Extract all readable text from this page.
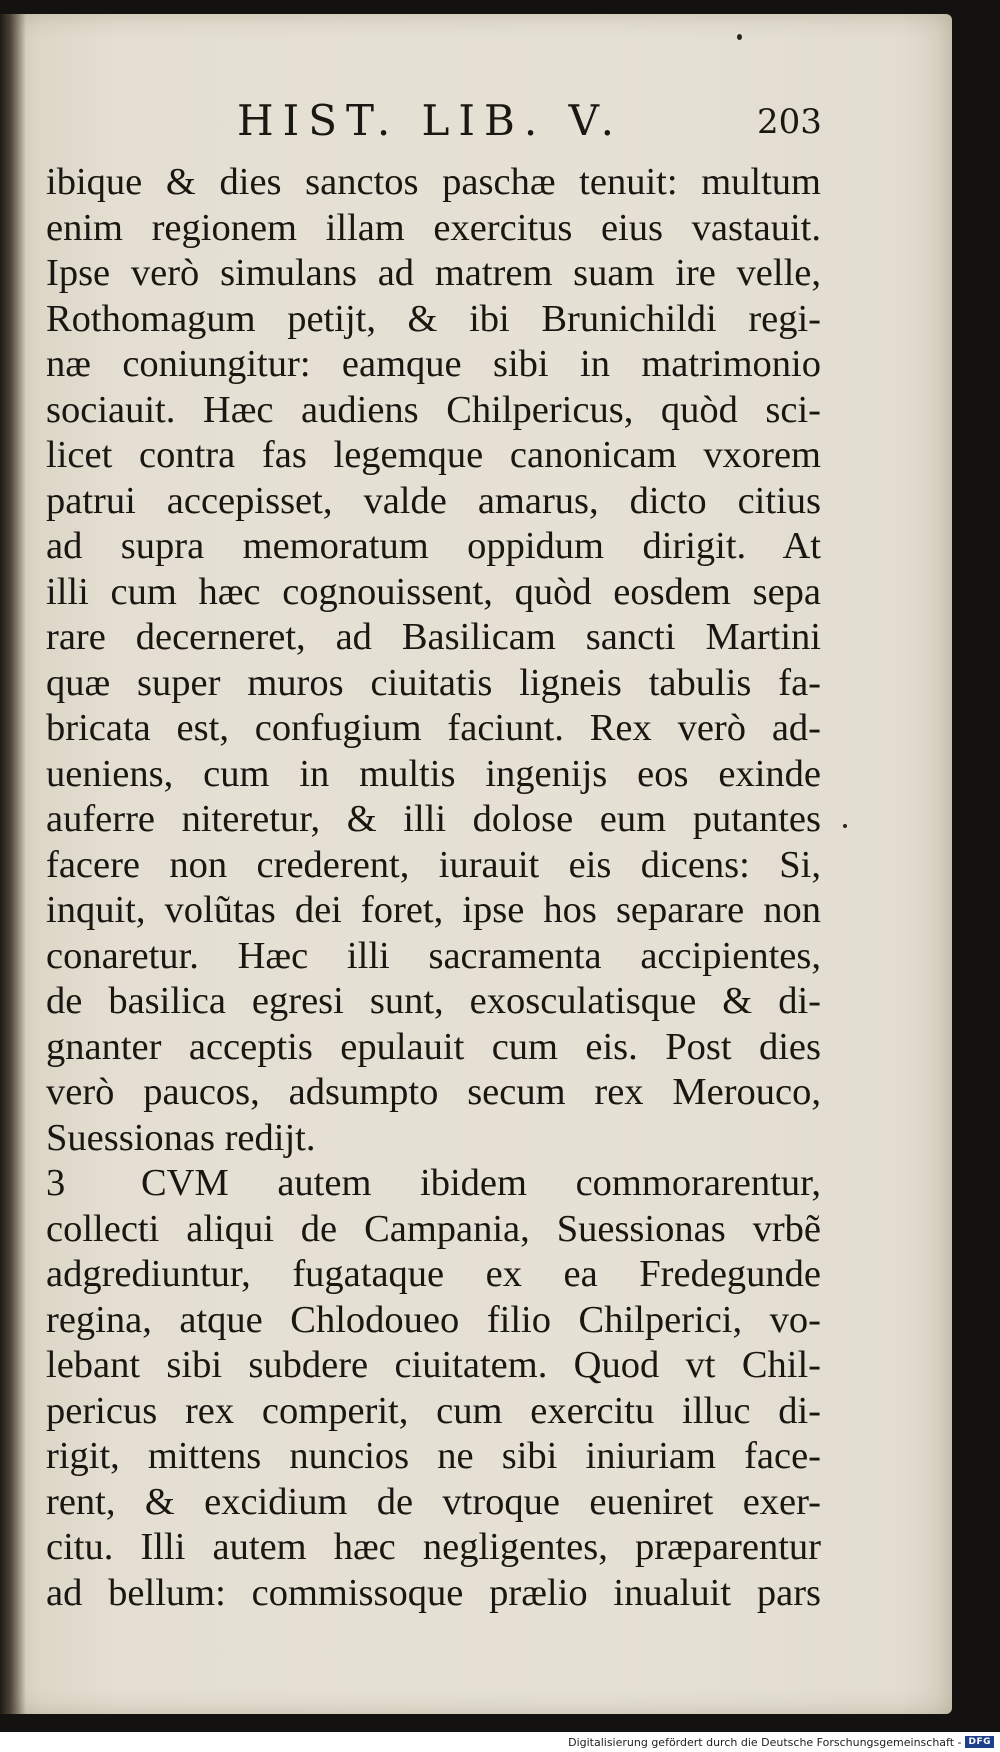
HIST. LIB. V.	203
ibique & dies sanctos paschæ tenuit: multum
enim regionem illam exercitus eius vastauit.
Ipse verò simulans ad matrem suam ire velle,
Rothomagum petijt, & ibi Brunichildi regi-
næ coniungitur: eamque sibi in matrimonio
sociauit. Hæc audiens Chilpericus, quòd sci-
licet contra fas legemque canonicam vxorem
patrui accepisset, valde amarus, dicto citius
ad supra memoratum oppidum dirigit. At
illi cum hæc cognouissent, quòd eosdem sepa
rare decerneret, ad Basilicam sancti Martini
quæ super muros ciuitatis ligneis tabulis fa-
bricata est, confugium faciunt. Rex verò ad-
ueniens, cum in multis ingenijs eos exinde
auferre niteretur, & illi dolose eum putantes
facere non crederent, iurauit eis dicens: Si,
inquit, volũtas dei foret, ipse hos separare non
conaretur. Hæc illi sacramenta accipientes,
de basilica egresi sunt, exosculatisque & di-
gnanter acceptis epulauit cum eis. Post dies
verò paucos, adsumpto secum rex Merouco,
Suessionas redijt.
3 CVM autem ibidem commorarentur,
collecti aliqui de Campania, Suessionas vrbẽ
adgrediuntur, fugataque ex ea Fredegunde
regina, atque Chlodoueo filio Chilperici, vo-
lebant sibi subdere ciuitatem. Quod vt Chil-
pericus rex comperit, cum exercitu illuc di-
rigit, mittens nuncios ne sibi iniuriam face-
rent, & excidium de vtroque eueniret exer-
citu. Illi autem hæc negligentes, præparentur
ad bellum: commissoque prælio inualuit pars
Digitalisierung gefördert durch die Deutsche Forschungsgemeinschaft - DFG
